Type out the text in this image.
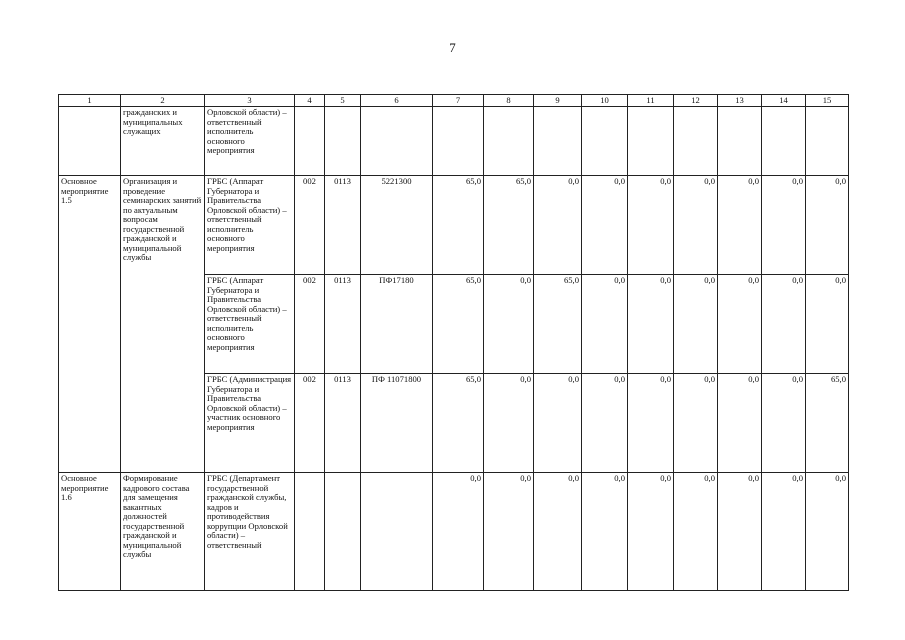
7
1	2	3	4	5	6	7	8	9	10	11	12	13	14	15
	гражданских и муниципальных служащих	Орловской области) – ответственный исполнитель основного мероприятия												
Основное мероприятие 1.5	Организация и проведение семинарских занятий по актуальным вопросам государственной гражданской и муниципальной службы	ГРБС (Аппарат Губернатора и Правительства Орловской области) – ответственный исполнитель основного мероприятия	002	0113	5221300	65,0	65,0	0,0	0,0	0,0	0,0	0,0	0,0	0,0
		ГРБС (Аппарат Губернатора и Правительства Орловской области) – ответственный исполнитель основного мероприятия	002	0113	ПФ17180	65,0	0,0	65,0	0,0	0,0	0,0	0,0	0,0	0,0
		ГРБС (Администрация Губернатора и Правительства Орловской области) – участник основного мероприятия	002	0113	ПФ 11071800	65,0	0,0	0,0	0,0	0,0	0,0	0,0	0,0	65,0
Основное мероприятие 1.6	Формирование кадрового состава для замещения вакантных должностей государственной гражданской и муниципальной службы	ГРБС (Департамент государственной гражданской службы, кадров и противодействия коррупции Орловской области) – ответственный				0,0	0,0	0,0	0,0	0,0	0,0	0,0	0,0	0,0
